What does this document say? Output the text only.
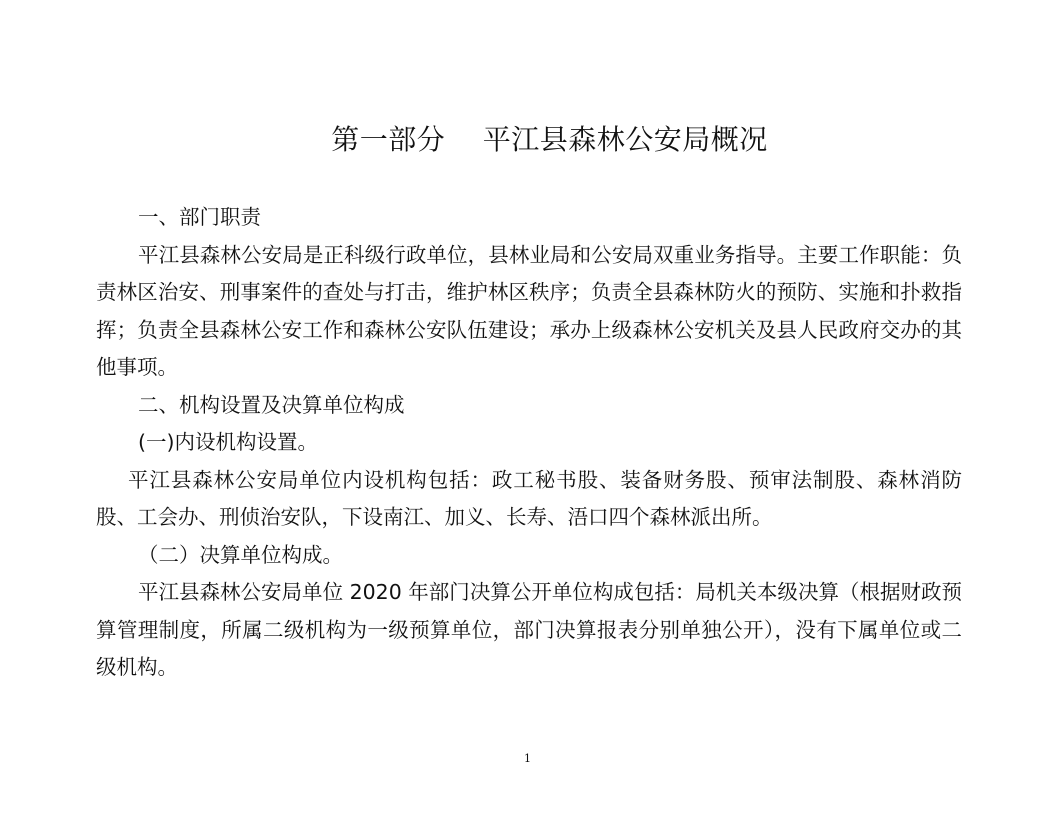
第一部分    平江县森林公安局概况

一、部门职责

平江县森林公安局是正科级行政单位，县林业局和公安局双重业务指导。主要工作职能：负责林区治安、刑事案件的查处与打击，维护林区秩序；负责全县森林防火的预防、实施和扑救指挥；负责全县森林公安工作和森林公安队伍建设；承办上级森林公安机关及县人民政府交办的其他事项。

二、机构设置及决算单位构成

(一)内设机构设置。

平江县森林公安局单位内设机构包括：政工秘书股、装备财务股、预审法制股、森林消防股、工会办、刑侦治安队，下设南江、加义、长寿、浯口四个森林派出所。

（二）决算单位构成。

平江县森林公安局单位 2020 年部门决算公开单位构成包括：局机关本级决算（根据财政预算管理制度，所属二级机构为一级预算单位，部门决算报表分别单独公开），没有下属单位或二级机构。

1
